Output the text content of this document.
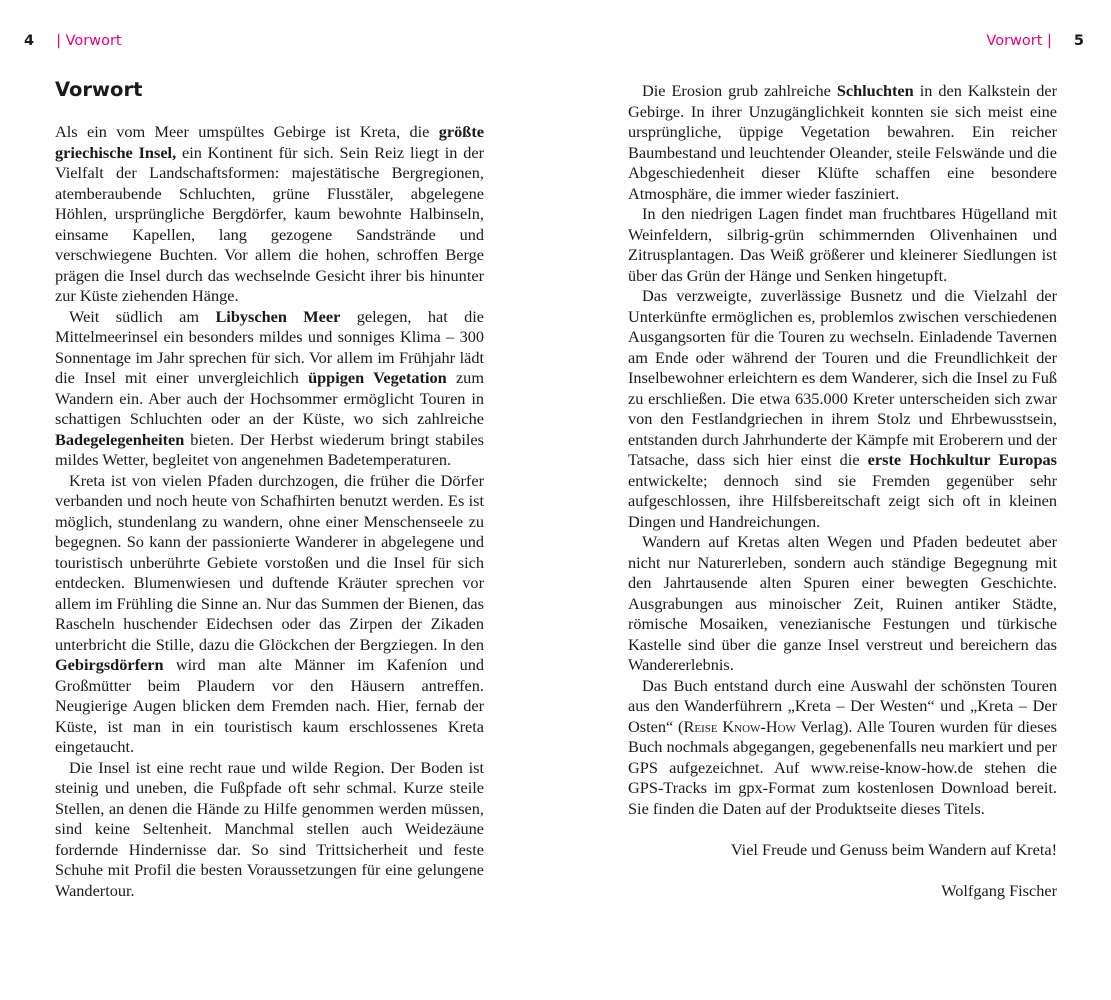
4 | Vorwort	Vorwort | 5
Vorwort

Als ein vom Meer umspültes Gebirge ist Kreta, die größte griechische Insel, ein Kontinent für sich. Sein Reiz liegt in der Vielfalt der Landschaftsformen: majestätische Bergregionen, atemberaubende Schluchten, grüne Flusstäler, abgelegene Höhlen, ursprüngliche Bergdörfer, kaum bewohnte Halbinseln, einsame Kapellen, lang gezogene Sandstrände und verschwiegene Buchten. Vor allem die hohen, schroffen Berge prägen die Insel durch das wechselnde Gesicht ihrer bis hinunter zur Küste ziehenden Hänge.

Weit südlich am Libyschen Meer gelegen, hat die Mittelmeerinsel ein besonders mildes und sonniges Klima – 300 Sonnentage im Jahr sprechen für sich. Vor allem im Frühjahr lädt die Insel mit einer unvergleichlich üppigen Vegetation zum Wandern ein. Aber auch der Hochsommer ermöglicht Touren in schattigen Schluchten oder an der Küste, wo sich zahlreiche Badegelegenheiten bieten. Der Herbst wiederum bringt stabiles mildes Wetter, begleitet von angenehmen Badetemperaturen.

Kreta ist von vielen Pfaden durchzogen, die früher die Dörfer verbanden und noch heute von Schafhirten benutzt werden. Es ist möglich, stundenlang zu wandern, ohne einer Menschenseele zu begegnen. So kann der passionierte Wanderer in abgelegene und touristisch unberührte Gebiete vorstoßen und die Insel für sich entdecken. Blumenwiesen und duftende Kräuter sprechen vor allem im Frühling die Sinne an. Nur das Summen der Bienen, das Rascheln huschender Eidechsen oder das Zirpen der Zikaden unterbricht die Stille, dazu die Glöckchen der Bergziegen. In den Gebirgsdörfern wird man alte Männer im Kafeníon und Großmütter beim Plaudern vor den Häusern antreffen. Neugierige Augen blicken dem Fremden nach. Hier, fernab der Küste, ist man in ein touristisch kaum erschlossenes Kreta eingetaucht.

Die Insel ist eine recht raue und wilde Region. Der Boden ist steinig und uneben, die Fußpfade oft sehr schmal. Kurze steile Stellen, an denen die Hände zu Hilfe genommen werden müssen, sind keine Seltenheit. Manchmal stellen auch Weidezäune fordernde Hindernisse dar. So sind Trittsicherheit und feste Schuhe mit Profil die besten Voraussetzungen für eine gelungene Wandertour.

Die Erosion grub zahlreiche Schluchten in den Kalkstein der Gebirge. In ihrer Unzugänglichkeit konnten sie sich meist eine ursprüngliche, üppige Vegetation bewahren. Ein reicher Baumbestand und leuchtender Oleander, steile Felswände und die Abgeschiedenheit dieser Klüfte schaffen eine besondere Atmosphäre, die immer wieder fasziniert.

In den niedrigen Lagen findet man fruchtbares Hügelland mit Weinfeldern, silbrig-grün schimmernden Olivenhainen und Zitrusplantagen. Das Weiß größerer und kleinerer Siedlungen ist über das Grün der Hänge und Senken hingetupft.

Das verzweigte, zuverlässige Busnetz und die Vielzahl der Unterkünfte ermöglichen es, problemlos zwischen verschiedenen Ausgangsorten für die Touren zu wechseln. Einladende Tavernen am Ende oder während der Touren und die Freundlichkeit der Inselbewohner erleichtern es dem Wanderer, sich die Insel zu Fuß zu erschließen. Die etwa 635.000 Kreter unterscheiden sich zwar von den Festlandgriechen in ihrem Stolz und Ehrbewusstsein, entstanden durch Jahrhunderte der Kämpfe mit Eroberern und der Tatsache, dass sich hier einst die erste Hochkultur Europas entwickelte; dennoch sind sie Fremden gegenüber sehr aufgeschlossen, ihre Hilfsbereitschaft zeigt sich oft in kleinen Dingen und Handreichungen.

Wandern auf Kretas alten Wegen und Pfaden bedeutet aber nicht nur Naturerleben, sondern auch ständige Begegnung mit den Jahrtausende alten Spuren einer bewegten Geschichte. Ausgrabungen aus minoischer Zeit, Ruinen antiker Städte, römische Mosaiken, venezianische Festungen und türkische Kastelle sind über die ganze Insel verstreut und bereichern das Wandererlebnis.

Das Buch entstand durch eine Auswahl der schönsten Touren aus den Wanderführern „Kreta – Der Westen“ und „Kreta – Der Osten“ (Reise Know-How Verlag). Alle Touren wurden für dieses Buch nochmals abgegangen, gegebenenfalls neu markiert und per GPS aufgezeichnet. Auf www.reise-know-how.de stehen die GPS-Tracks im gpx-Format zum kostenlosen Download bereit. Sie finden die Daten auf der Produktseite dieses Titels.

Viel Freude und Genuss beim Wandern auf Kreta!

Wolfgang Fischer
